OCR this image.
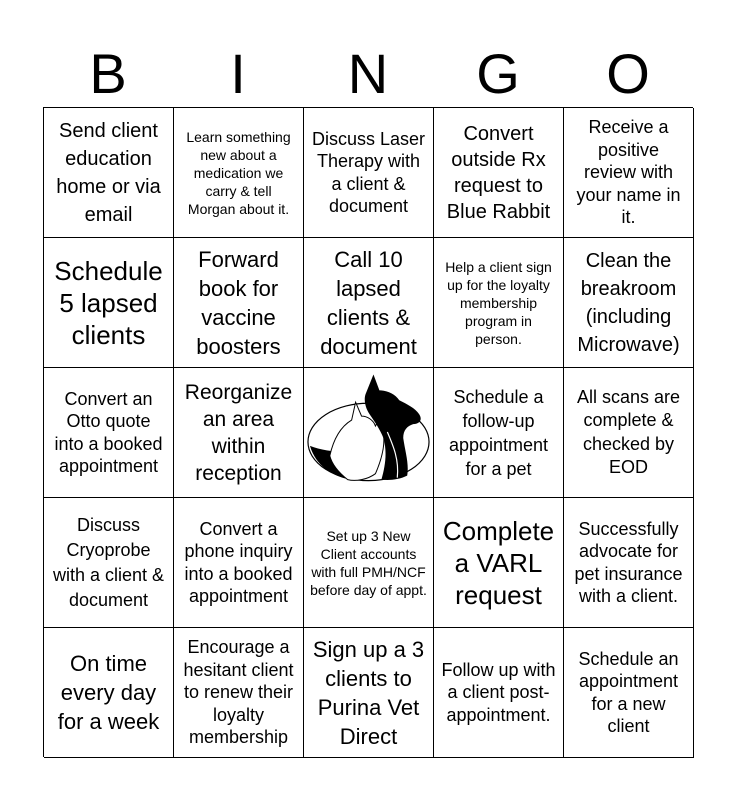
B	I	N	G	O
Send client education home or via email
Learn something new about a medication we carry & tell Morgan about it.
Discuss Laser Therapy with a client & document
Convert outside Rx request to Blue Rabbit
Receive a positive review with your name in it.
Schedule 5 lapsed clients
Forward book for vaccine boosters
Call 10 lapsed clients & document
Help a client sign up for the loyalty membership program in person.
Clean the breakroom (including Microwave)
Convert an Otto quote into a booked appointment
Reorganize an area within reception
Schedule a follow-up appointment for a pet
All scans are complete & checked by EOD
Discuss Cryoprobe with a client & document
Convert a phone inquiry into a booked appointment
Set up 3 New Client accounts with full PMH/NCF before day of appt.
Complete a VARL request
Successfully advocate for pet insurance with a client.
On time every day for a week
Encourage a hesitant client to renew their loyalty membership
Sign up a 3 clients to Purina Vet Direct
Follow up with a client post-appointment.
Schedule an appointment for a new client
